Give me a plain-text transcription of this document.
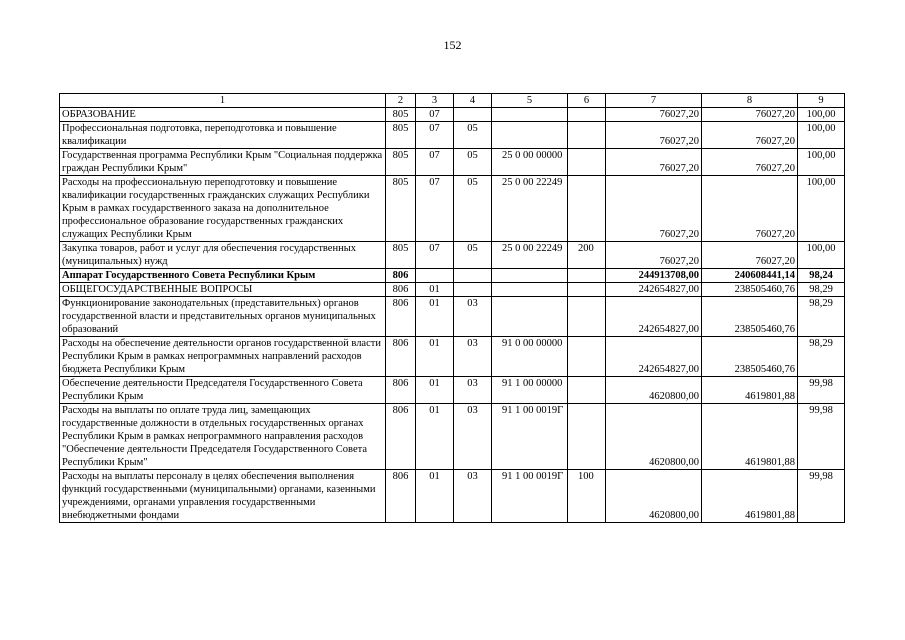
152
1	2	3	4	5	6	7	8	9
ОБРАЗОВАНИЕ	805	07				76027,20	76027,20	100,00
Профессиональная подготовка, переподготовка и повышение квалификации	805	07	05			76027,20	76027,20	100,00
Государственная программа Республики Крым "Социальная поддержка граждан Республики Крым"	805	07	05	25 0 00 00000		76027,20	76027,20	100,00
Расходы на профессиональную переподготовку и повышение квалификации государственных гражданских служащих Республики Крым в рамках государственного заказа на дополнительное профессиональное образование государственных гражданских служащих Республики Крым	805	07	05	25 0 00 22249		76027,20	76027,20	100,00
Закупка товаров, работ и услуг для обеспечения государственных (муниципальных) нужд	805	07	05	25 0 00 22249	200	76027,20	76027,20	100,00
Аппарат Государственного Совета Республики Крым	806					244913708,00	240608441,14	98,24
ОБЩЕГОСУДАРСТВЕННЫЕ ВОПРОСЫ	806	01				242654827,00	238505460,76	98,29
Функционирование законодательных (представительных) органов государственной власти и представительных органов муниципальных образований	806	01	03			242654827,00	238505460,76	98,29
Расходы на обеспечение деятельности органов государственной власти Республики Крым в рамках непрограммных направлений расходов бюджета Республики Крым	806	01	03	91 0 00 00000		242654827,00	238505460,76	98,29
Обеспечение деятельности Председателя Государственного Совета Республики Крым	806	01	03	91 1 00 00000		4620800,00	4619801,88	99,98
Расходы на выплаты по оплате труда лиц, замещающих государственные должности в отдельных государственных органах Республики Крым в рамках непрограммного направления расходов "Обеспечение деятельности Председателя Государственного Совета Республики Крым"	806	01	03	91 1 00 0019Г		4620800,00	4619801,88	99,98
Расходы на выплаты персоналу в целях обеспечения выполнения функций государственными (муниципальными) органами, казенными учреждениями, органами управления государственными внебюджетными фондами	806	01	03	91 1 00 0019Г	100	4620800,00	4619801,88	99,98
